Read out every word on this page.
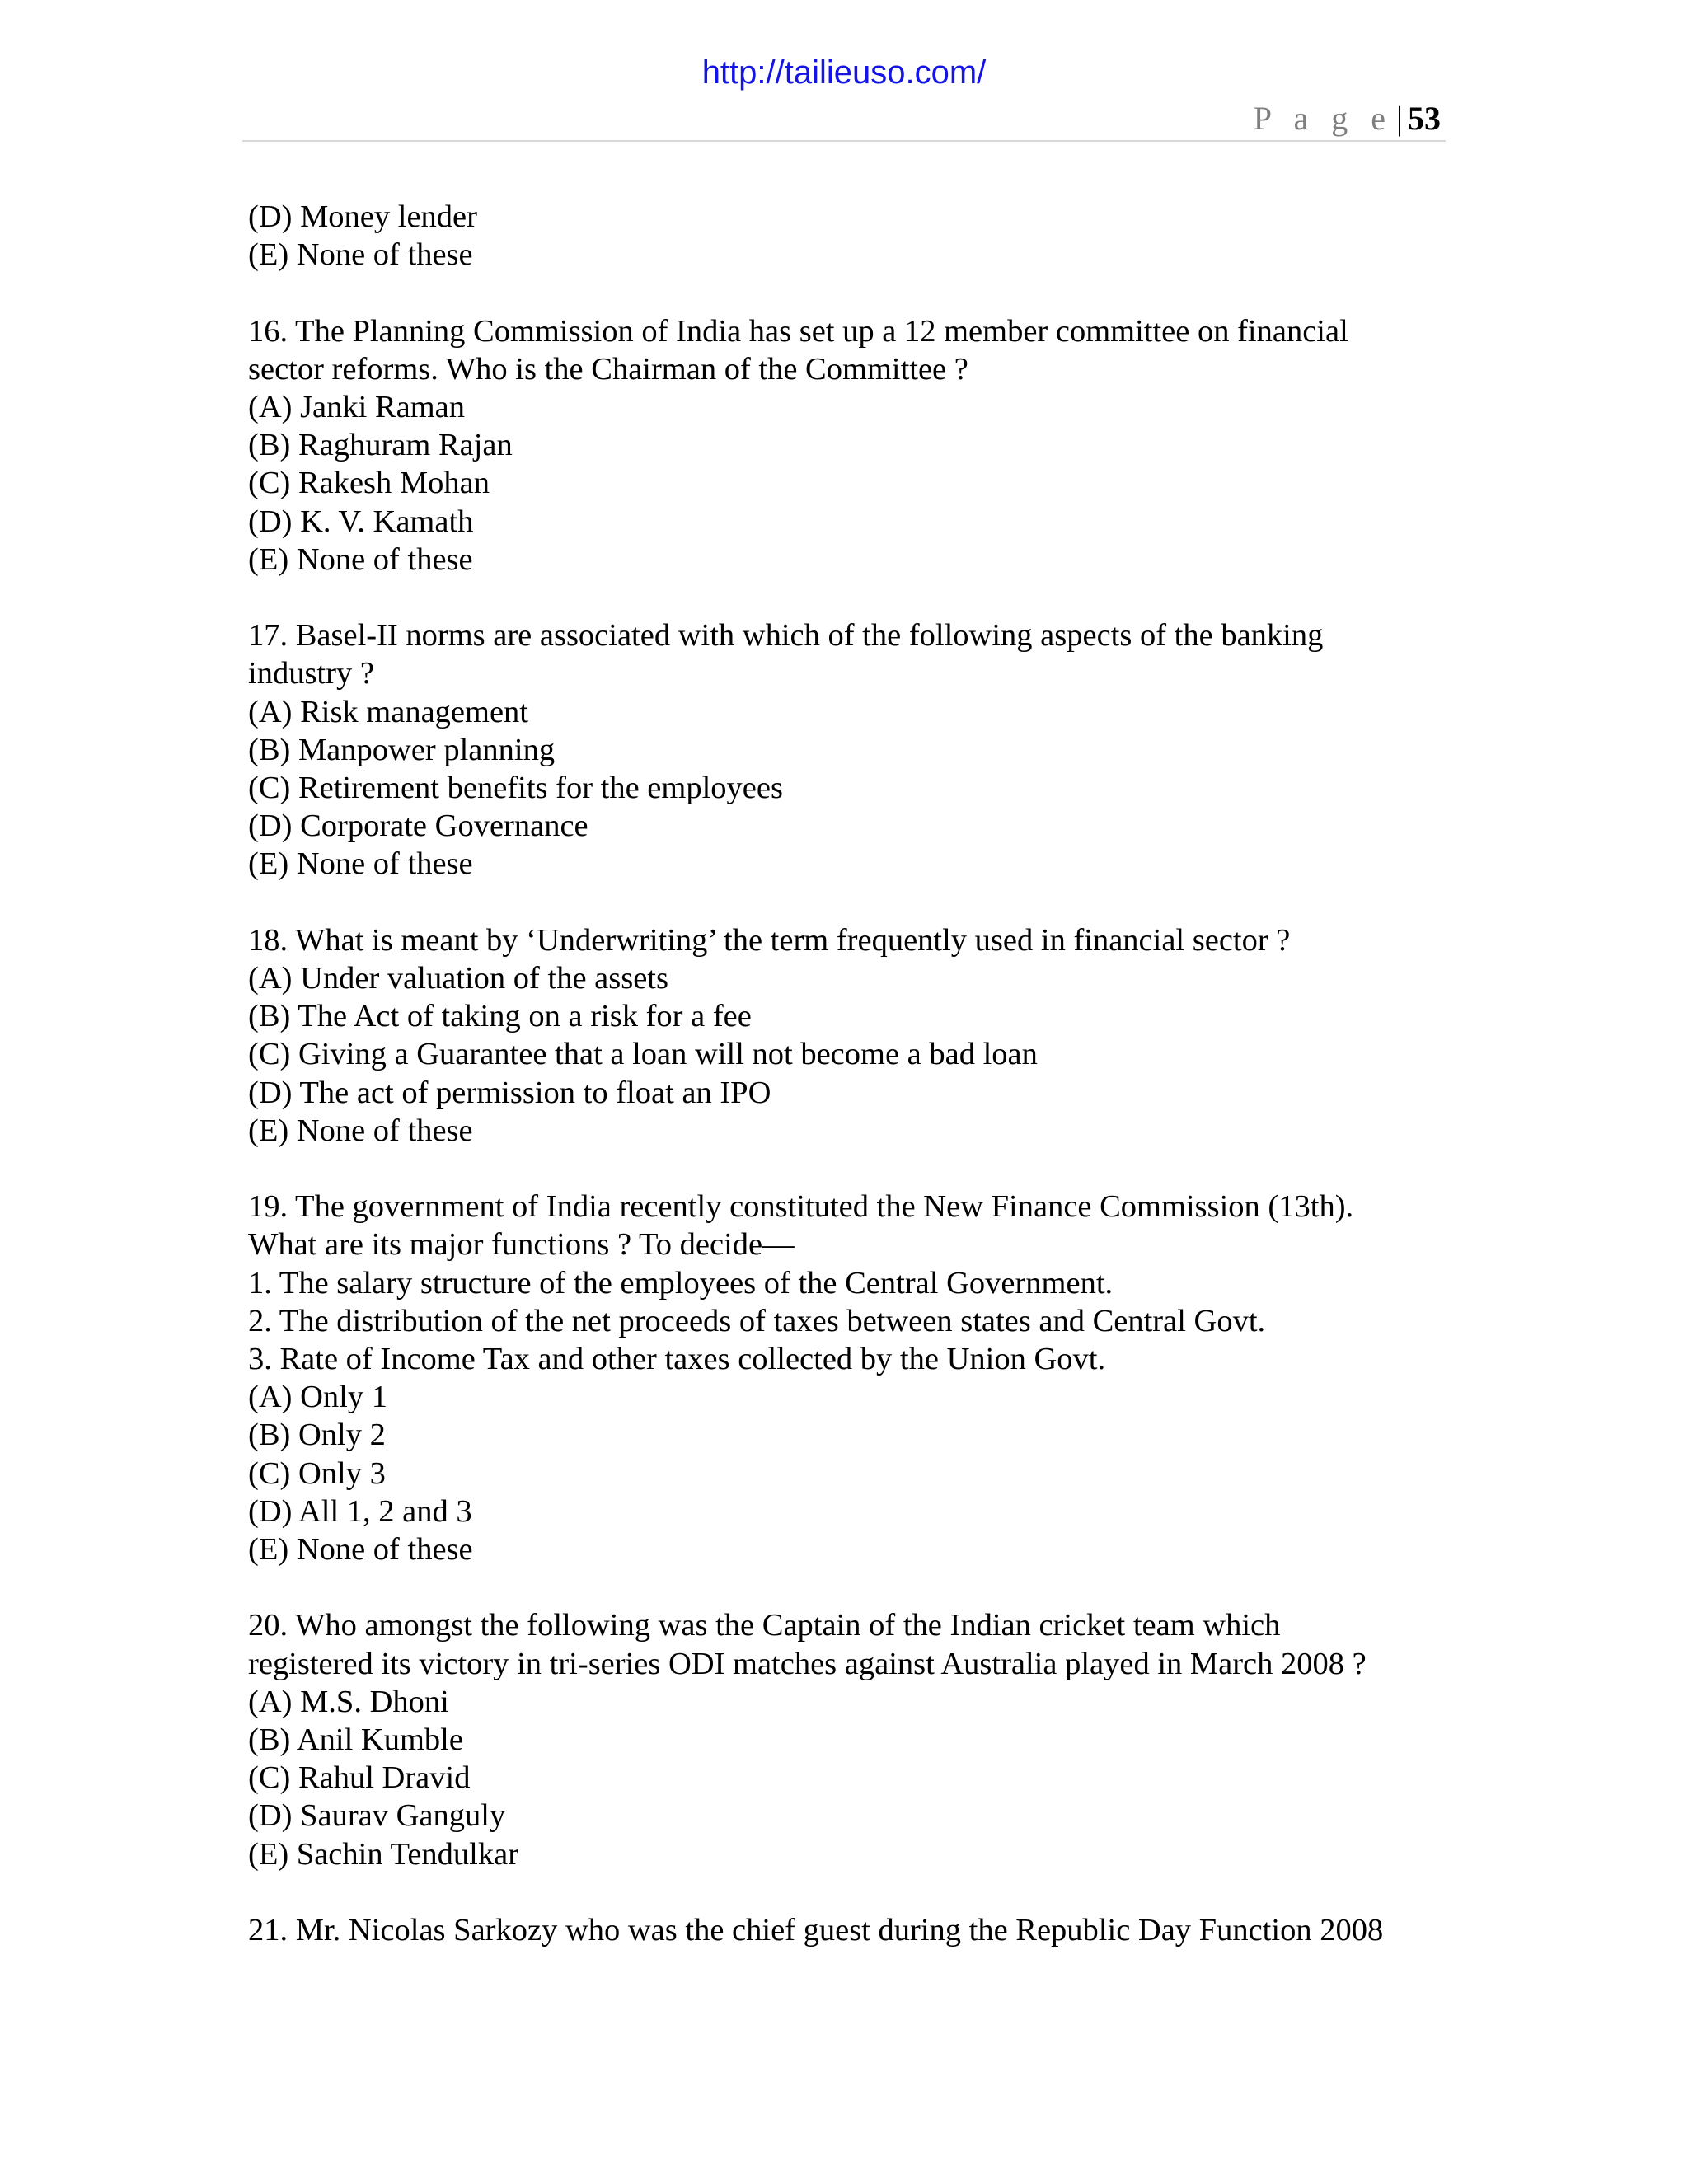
http://tailieuso.com/
P a g e | 53
(D) Money lender
(E) None of these
16. The Planning Commission of India has set up a 12 member committee on financial
sector reforms. Who is the Chairman of the Committee ?
(A) Janki Raman
(B) Raghuram Rajan
(C) Rakesh Mohan
(D) K. V. Kamath
(E) None of these
17. Basel-II norms are associated with which of the following aspects of the banking
industry ?
(A) Risk management
(B) Manpower planning
(C) Retirement benefits for the employees
(D) Corporate Governance
(E) None of these
18. What is meant by ‘Underwriting’ the term frequently used in financial sector ?
(A) Under valuation of the assets
(B) The Act of taking on a risk for a fee
(C) Giving a Guarantee that a loan will not become a bad loan
(D) The act of permission to float an IPO
(E) None of these
19. The government of India recently constituted the New Finance Commission (13th).
What are its major functions ? To decide—
1. The salary structure of the employees of the Central Government.
2. The distribution of the net proceeds of taxes between states and Central Govt.
3. Rate of Income Tax and other taxes collected by the Union Govt.
(A) Only 1
(B) Only 2
(C) Only 3
(D) All 1, 2 and 3
(E) None of these
20. Who amongst the following was the Captain of the Indian cricket team which
registered its victory in tri-series ODI matches against Australia played in March 2008 ?
(A) M.S. Dhoni
(B) Anil Kumble
(C) Rahul Dravid
(D) Saurav Ganguly
(E) Sachin Tendulkar
21. Mr. Nicolas Sarkozy who was the chief guest during the Republic Day Function 2008
